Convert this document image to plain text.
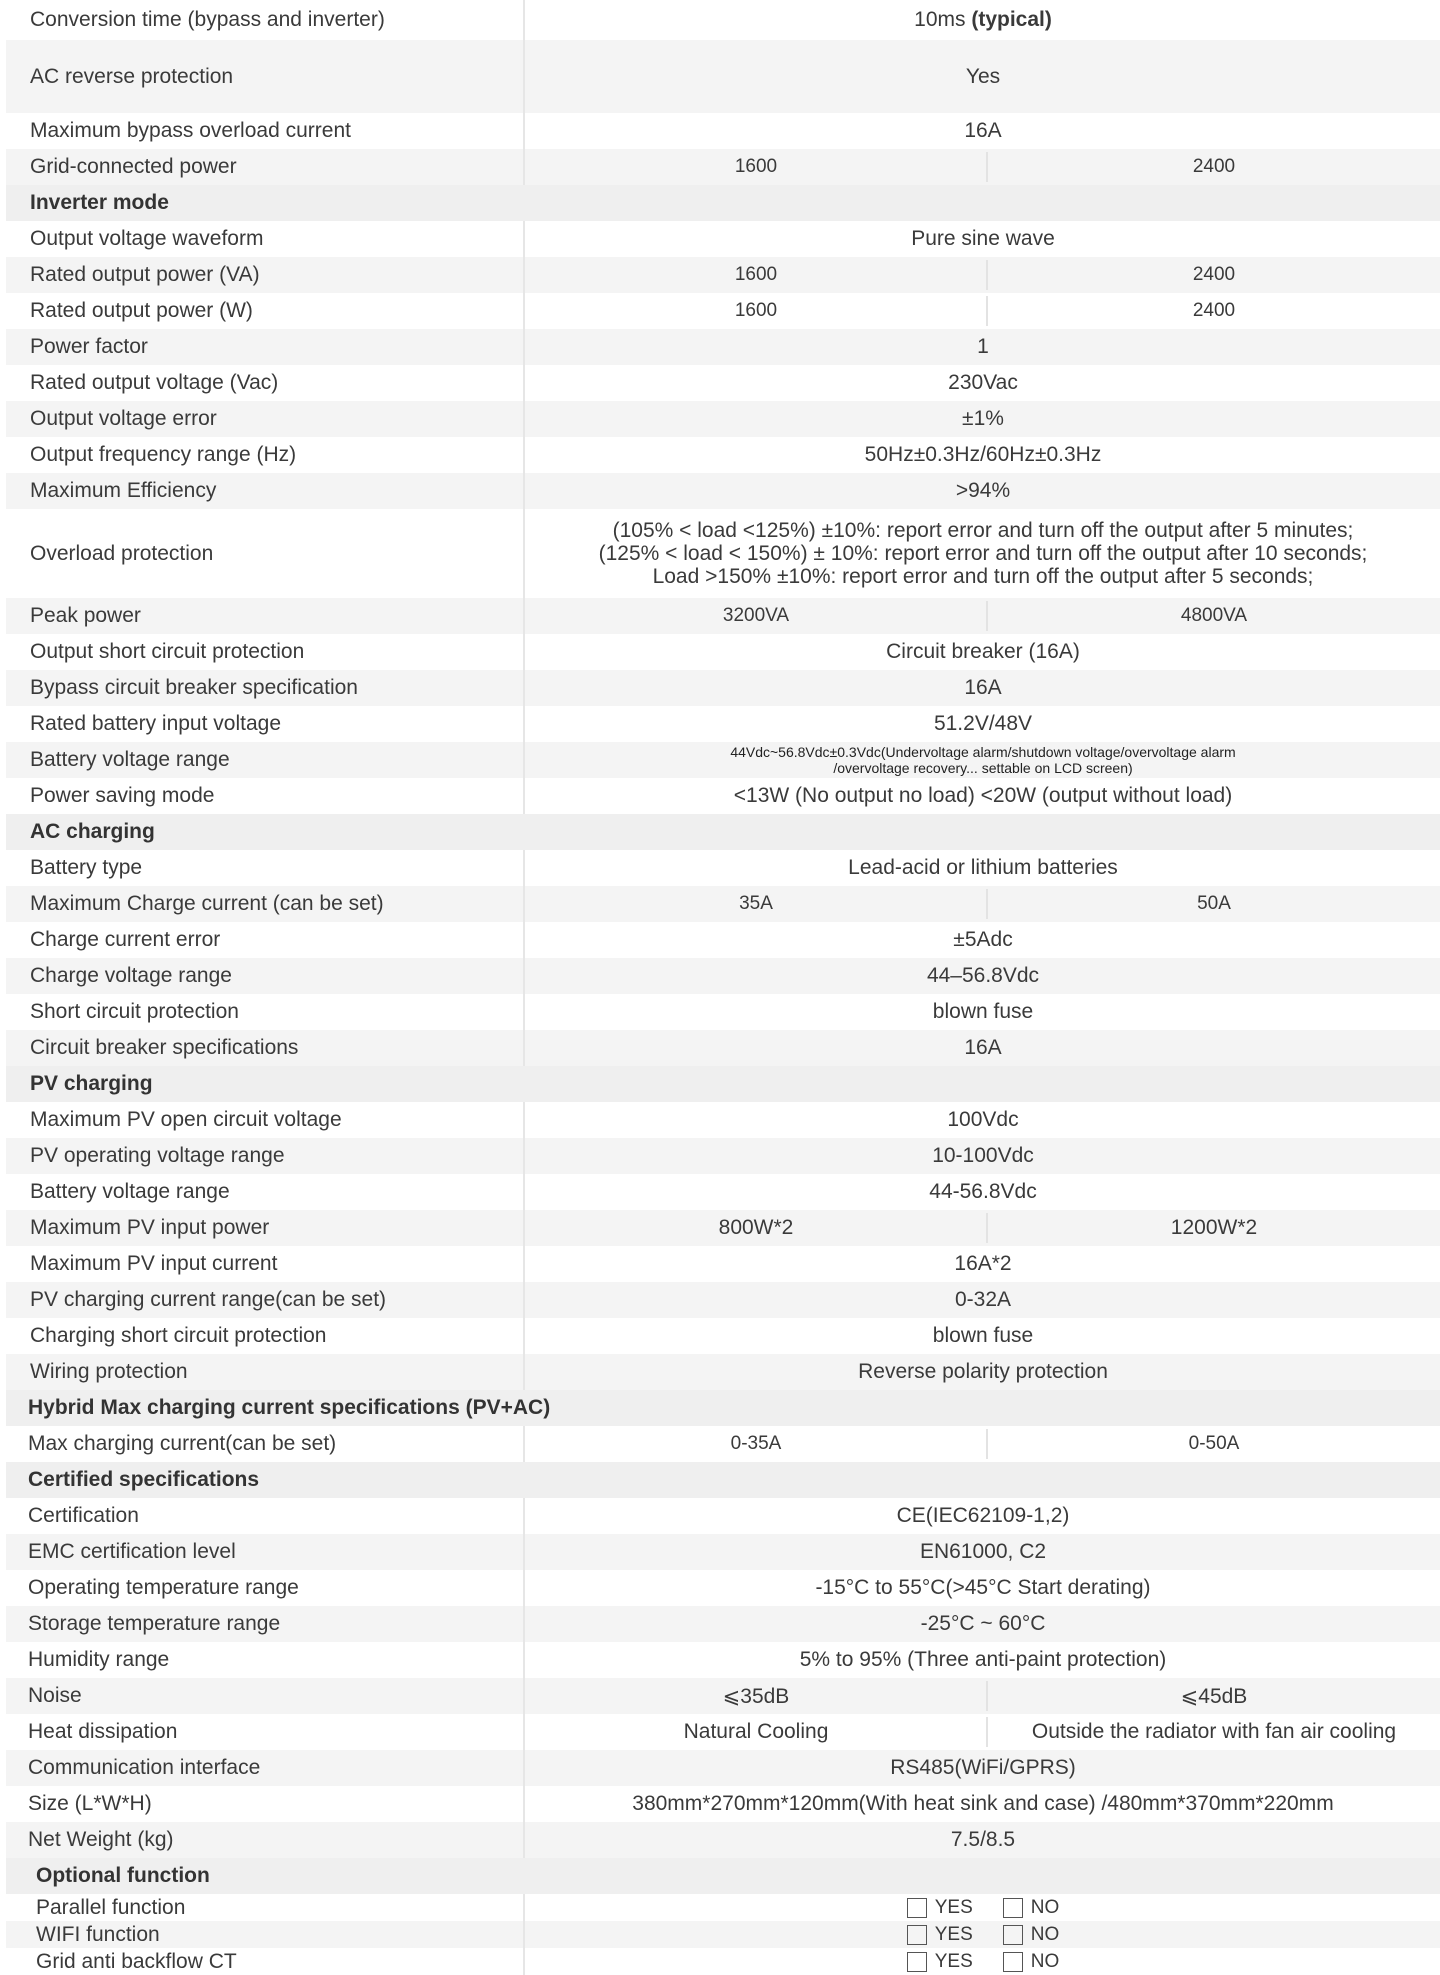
Conversion time (bypass and inverter)	10ms
(typical)
AC reverse protection	Yes
Maximum bypass overload current	16A
Grid-connected power	1600	2400
Inverter mode
Output voltage waveform	Pure sine wave
Rated output power (VA)	1600	2400
Rated output power (W)	1600	2400
Power factor	1
Rated output voltage (Vac)	230Vac
Output voltage error	±1%
Output frequency range (Hz)	50Hz±0.3Hz/60Hz±0.3Hz
Maximum Efficiency	>94%
Overload protection
(105% < load <125%) ±10%: report error and turn off the output after 5 minutes;
(125% < load < 150%) ± 10%: report error and turn off the output after 10 seconds;
Load >150% ±10%: report error and turn off the output after 5 seconds;
Peak power	3200VA	4800VA
Output short circuit protection	Circuit breaker (16A)
Bypass circuit breaker specification	16A
Rated battery input voltage	51.2V/48V
Battery voltage range	44Vdc~56.8Vdc±0.3Vdc(Undervoltage alarm/shutdown voltage/overvoltage alarm
/overvoltage recovery... settable on LCD screen)
Power saving mode	<13W (No output no load) <20W (output without load)
AC charging
Battery type	Lead-acid or lithium batteries
Maximum Charge current (can be set)	35A	50A
Charge current error	±5Adc
Charge voltage range	44–56.8Vdc
Short circuit protection	blown fuse
Circuit breaker specifications	16A
PV charging
Maximum PV open circuit voltage	100Vdc
PV operating voltage range	10-100Vdc
Battery voltage range	44-56.8Vdc
Maximum PV input power	800W*2	1200W*2
Maximum PV input current	16A*2
PV charging current range(can be set)	0-32A
Charging short circuit protection	blown fuse
Wiring protection	Reverse polarity protection
Hybrid Max charging current specifications (PV+AC)
Max charging current(can be set)	0-35A	0-50A
Certified specifications
Certification	CE(IEC62109-1,2)
EMC certification level	EN61000, C2
Operating temperature range	-15°C to 55°C(>45°C Start derating)
Storage temperature range	-25°C ~ 60°C
Humidity range	5% to 95% (Three anti-paint protection)
Noise	⩽35dB	⩽45dB
Heat dissipation	Natural Cooling	Outside the radiator with fan air cooling
Communication interface	RS485(WiFi/GPRS)
Size (L*W*H)	380mm*270mm*120mm(With heat sink and case) /480mm*370mm*220mm
Net Weight (kg)	7.5/8.5
Optional function
Parallel function	YES	NO
WIFI function	YES	NO
Grid anti backflow CT	YES	NO
